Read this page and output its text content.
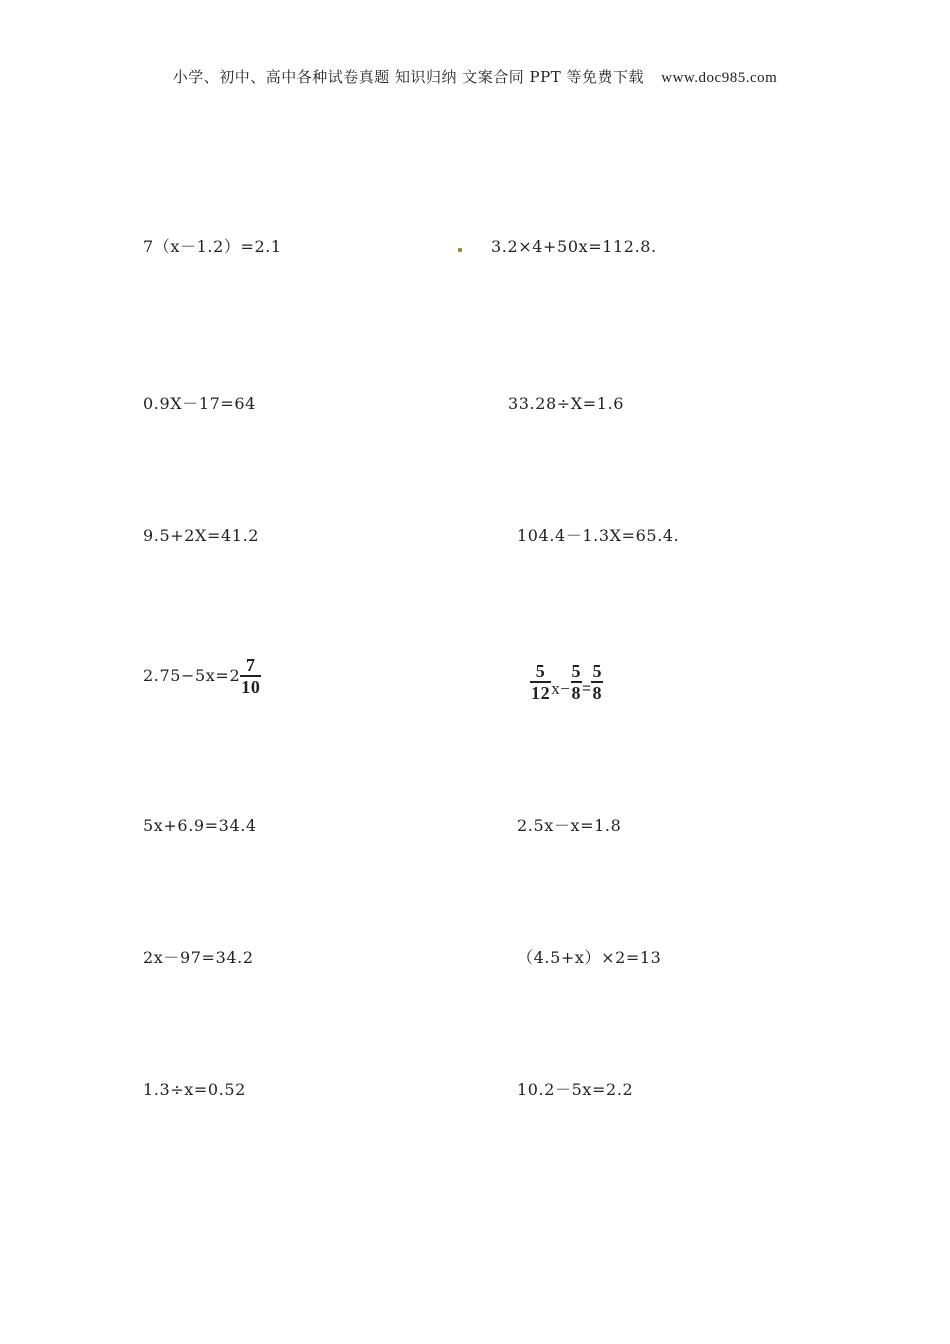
小学、初中、高中各种试卷真题 知识归纳 文案合同 PPT 等免费下载 www.doc985.com
7（x－1.2）=2.1	3.2×4+50x=112.8.
0.9X－17=64	33.28÷X=1.6
9.5+2X=41.2	104.4－1.3X=65.4.
$2.75-5x=2 \frac{7}{10}$	$\frac{5}{12} x- \frac{5}{8} = \frac{5}{8}$
5x+6.9=34.4	2.5x－x=1.8
2x－97=34.2	（4.5+x）×2=13
1.3÷x=0.52	10.2－5x=2.2
